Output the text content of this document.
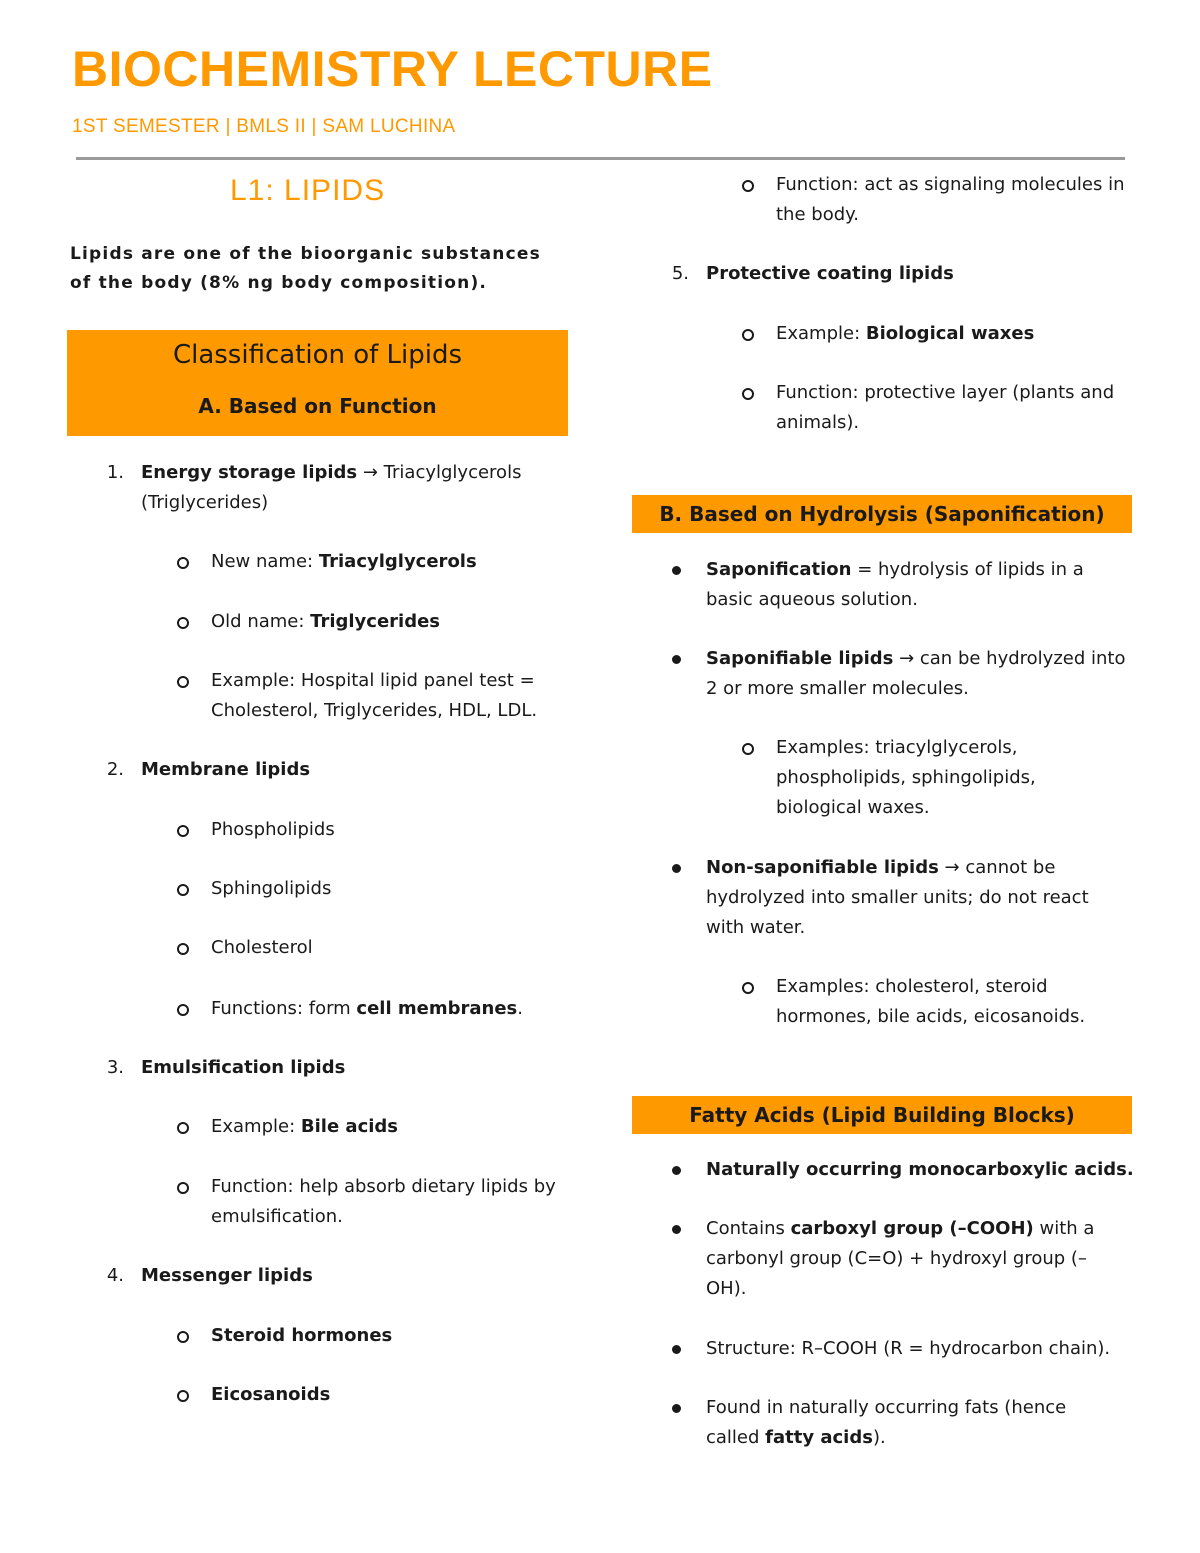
BIOCHEMISTRY LECTURE
1ST SEMESTER | BMLS II | SAM LUCHINA
L1: LIPIDS
Lipids are one of the bioorganic substances of the body (8% ng body composition).
Classification of Lipids
A. Based on Function
1. Energy storage lipids → Triacylglycerols (Triglycerides)
New name: Triacylglycerols
Old name: Triglycerides
Example: Hospital lipid panel test = Cholesterol, Triglycerides, HDL, LDL.
2. Membrane lipids
Phospholipids
Sphingolipids
Cholesterol
Functions: form cell membranes.
3. Emulsification lipids
Example: Bile acids
Function: help absorb dietary lipids by emulsification.
4. Messenger lipids
Steroid hormones
Eicosanoids
Function: act as signaling molecules in the body.
5. Protective coating lipids
Example: Biological waxes
Function: protective layer (plants and animals).
B. Based on Hydrolysis (Saponification)
Saponification = hydrolysis of lipids in a basic aqueous solution.
Saponifiable lipids → can be hydrolyzed into 2 or more smaller molecules.
Examples: triacylglycerols, phospholipids, sphingolipids, biological waxes.
Non-saponifiable lipids → cannot be hydrolyzed into smaller units; do not react with water.
Examples: cholesterol, steroid hormones, bile acids, eicosanoids.
Fatty Acids (Lipid Building Blocks)
Naturally occurring monocarboxylic acids.
Contains carboxyl group (–COOH) with a carbonyl group (C=O) + hydroxyl group (–OH).
Structure: R–COOH (R = hydrocarbon chain).
Found in naturally occurring fats (hence called fatty acids).
